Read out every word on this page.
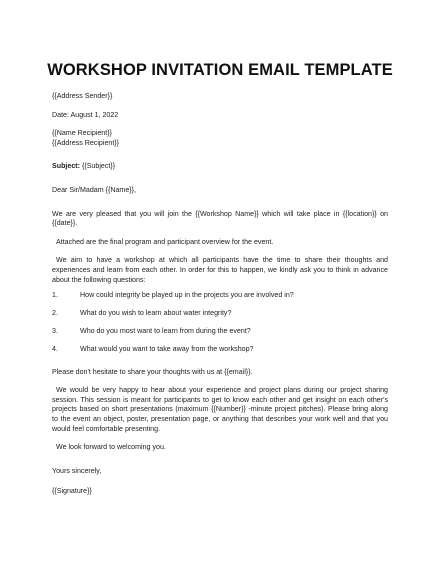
WORKSHOP INVITATION EMAIL TEMPLATE
{{Address Sender}}
Date: August 1, 2022
{{Name Recipient}}
{{Address Recipient}}
Subject: {{Subject}}
Dear Sir/Madam {{Name}},
We are very pleased that you will join the {{Workshop Name}} which will take place in {{location}} on {{date}}.
Attached are the final program and participant overview for the event.
We aim to have a workshop at which all participants have the time to share their thoughts and experiences and learn from each other. In order for this to happen, we kindly ask you to think in advance about the following questions:
1.	How could integrity be played up in the projects you are involved in?
2.	What do you wish to learn about water integrity?
3.	Who do you most want to learn from during the event?
4.	What would you want to take away from the workshop?
Please don't hesitate to share your thoughts with us at {{email}}.
We would be very happy to hear about your experience and project plans during our project sharing session. This session is meant for participants to get to know each other and get insight on each other's projects based on short presentations (maximum {{Number}} -minute project pitches). Please bring along to the event an object, poster, presentation page, or anything that describes your work well and that you would feel comfortable presenting.
We look forward to welcoming you.
Yours sincerely,
{{Signature}}
